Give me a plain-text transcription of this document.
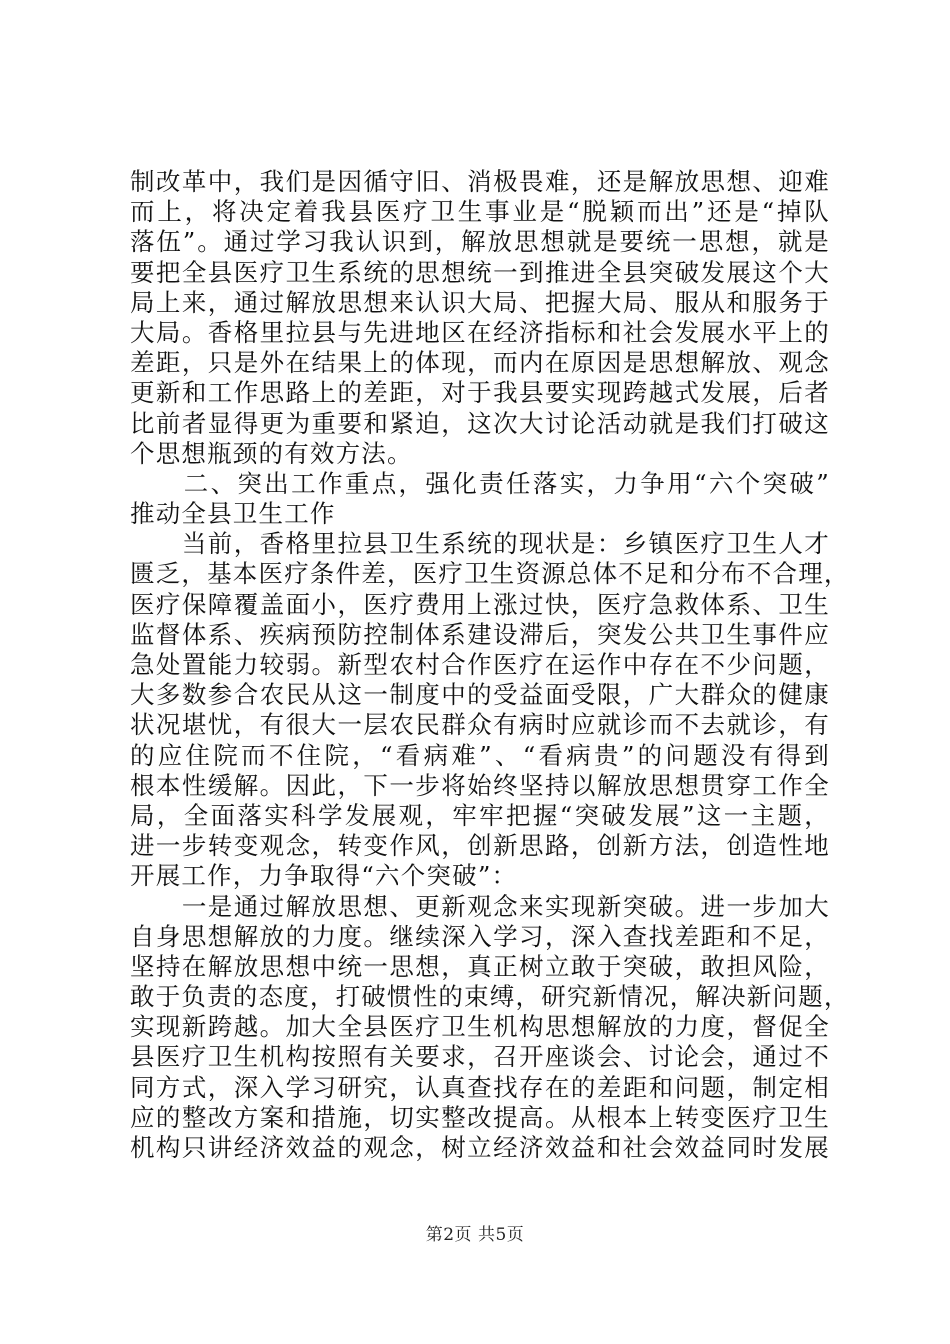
制改革中，我们是因循守旧、消极畏难，还是解放思想、迎难
而上，将决定着我县医疗卫生事业是“脱颖而出”还是“掉队
落伍”。通过学习我认识到，解放思想就是要统一思想，就是
要把全县医疗卫生系统的思想统一到推进全县突破发展这个大
局上来，通过解放思想来认识大局、把握大局、服从和服务于
大局。香格里拉县与先进地区在经济指标和社会发展水平上的
差距，只是外在结果上的体现，而内在原因是思想解放、观念
更新和工作思路上的差距，对于我县要实现跨越式发展，后者
比前者显得更为重要和紧迫，这次大讨论活动就是我们打破这
个思想瓶颈的有效方法。
　　二、突出工作重点，强化责任落实，力争用“六个突破”
推动全县卫生工作
　　当前，香格里拉县卫生系统的现状是：乡镇医疗卫生人才
匮乏，基本医疗条件差，医疗卫生资源总体不足和分布不合理，
医疗保障覆盖面小，医疗费用上涨过快，医疗急救体系、卫生
监督体系、疾病预防控制体系建设滞后，突发公共卫生事件应
急处置能力较弱。新型农村合作医疗在运作中存在不少问题，
大多数参合农民从这一制度中的受益面受限，广大群众的健康
状况堪忧，有很大一层农民群众有病时应就诊而不去就诊，有
的应住院而不住院，“看病难”、“看病贵”的问题没有得到
根本性缓解。因此，下一步将始终坚持以解放思想贯穿工作全
局，全面落实科学发展观，牢牢把握“突破发展”这一主题，
进一步转变观念，转变作风，创新思路，创新方法，创造性地
开展工作，力争取得“六个突破”：
　　一是通过解放思想、更新观念来实现新突破。进一步加大
自身思想解放的力度。继续深入学习，深入查找差距和不足，
坚持在解放思想中统一思想，真正树立敢于突破，敢担风险，
敢于负责的态度，打破惯性的束缚，研究新情况，解决新问题，
实现新跨越。加大全县医疗卫生机构思想解放的力度，督促全
县医疗卫生机构按照有关要求，召开座谈会、讨论会，通过不
同方式，深入学习研究，认真查找存在的差距和问题，制定相
应的整改方案和措施，切实整改提高。从根本上转变医疗卫生
机构只讲经济效益的观念，树立经济效益和社会效益同时发展
第2页 共5页
